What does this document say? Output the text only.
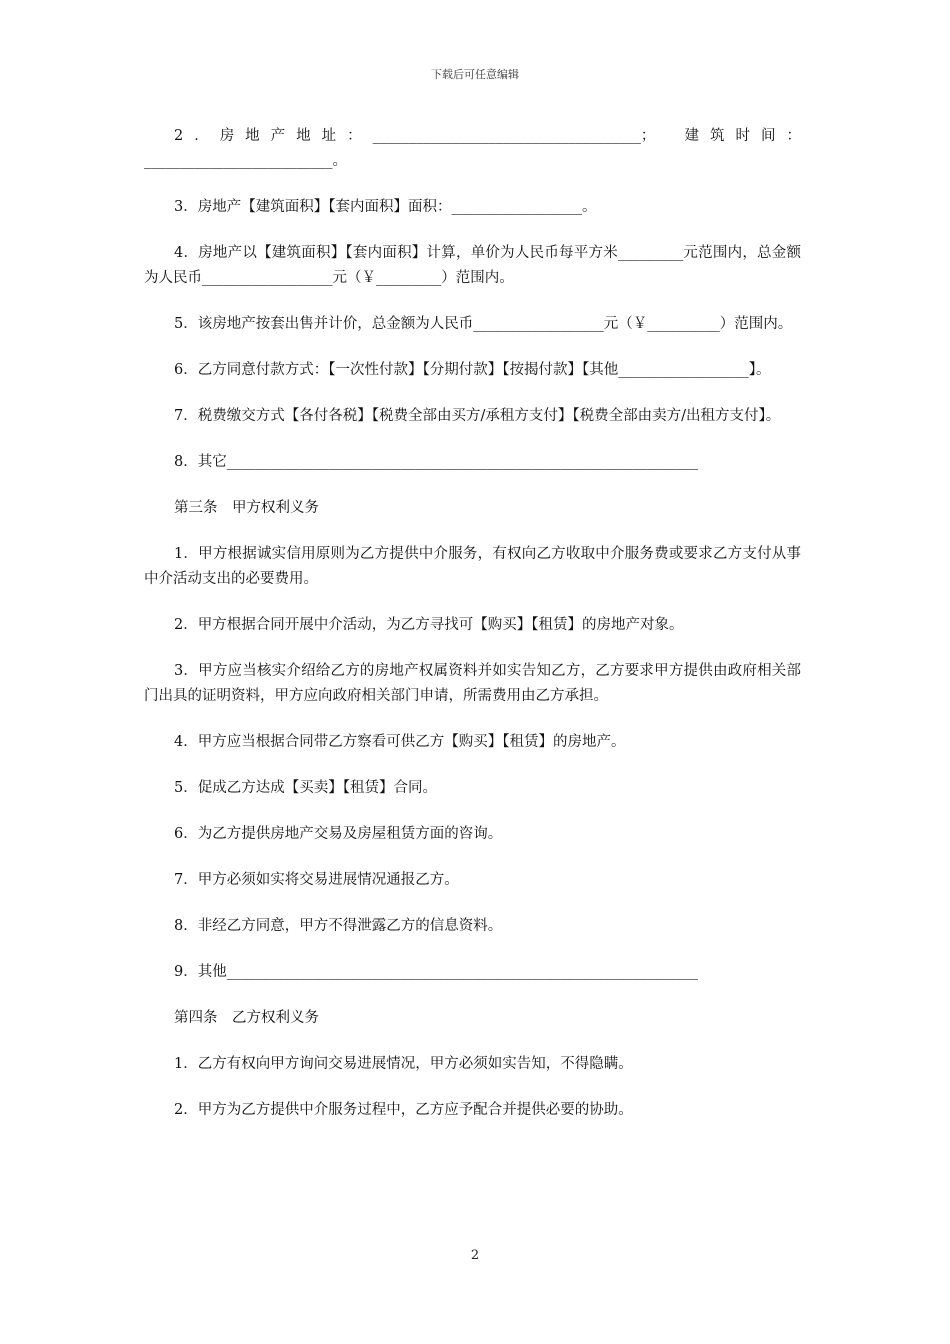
下载后可任意编辑

2．房地产地址：_____________________________________；　建筑时间：__________________________。

3．房地产【建筑面积】【套内面积】面积：__________________。

4．房地产以【建筑面积】【套内面积】计算，单价为人民币每平方米_________元范围内，总金额为人民币__________________元（￥_________）范围内。

5．该房地产按套出售并计价，总金额为人民币__________________元（￥__________）范围内。

6．乙方同意付款方式：【一次性付款】【分期付款】【按揭付款】【其他__________________】。

7．税费缴交方式【各付各税】【税费全部由买方/承租方支付】【税费全部由卖方/出租方支付】。

8．其它_________________________________________________________________

第三条　甲方权利义务

1．甲方根据诚实信用原则为乙方提供中介服务，有权向乙方收取中介服务费或要求乙方支付从事中介活动支出的必要费用。

2．甲方根据合同开展中介活动，为乙方寻找可【购买】【租赁】的房地产对象。

3．甲方应当核实介绍给乙方的房地产权属资料并如实告知乙方，乙方要求甲方提供由政府相关部门出具的证明资料，甲方应向政府相关部门申请，所需费用由乙方承担。

4．甲方应当根据合同带乙方察看可供乙方【购买】【租赁】的房地产。

5．促成乙方达成【买卖】【租赁】合同。

6．为乙方提供房地产交易及房屋租赁方面的咨询。

7．甲方必须如实将交易进展情况通报乙方。

8．非经乙方同意，甲方不得泄露乙方的信息资料。

9．其他_________________________________________________________________

第四条　乙方权利义务

1．乙方有权向甲方询问交易进展情况，甲方必须如实告知，不得隐瞒。

2．甲方为乙方提供中介服务过程中，乙方应予配合并提供必要的协助。

2
